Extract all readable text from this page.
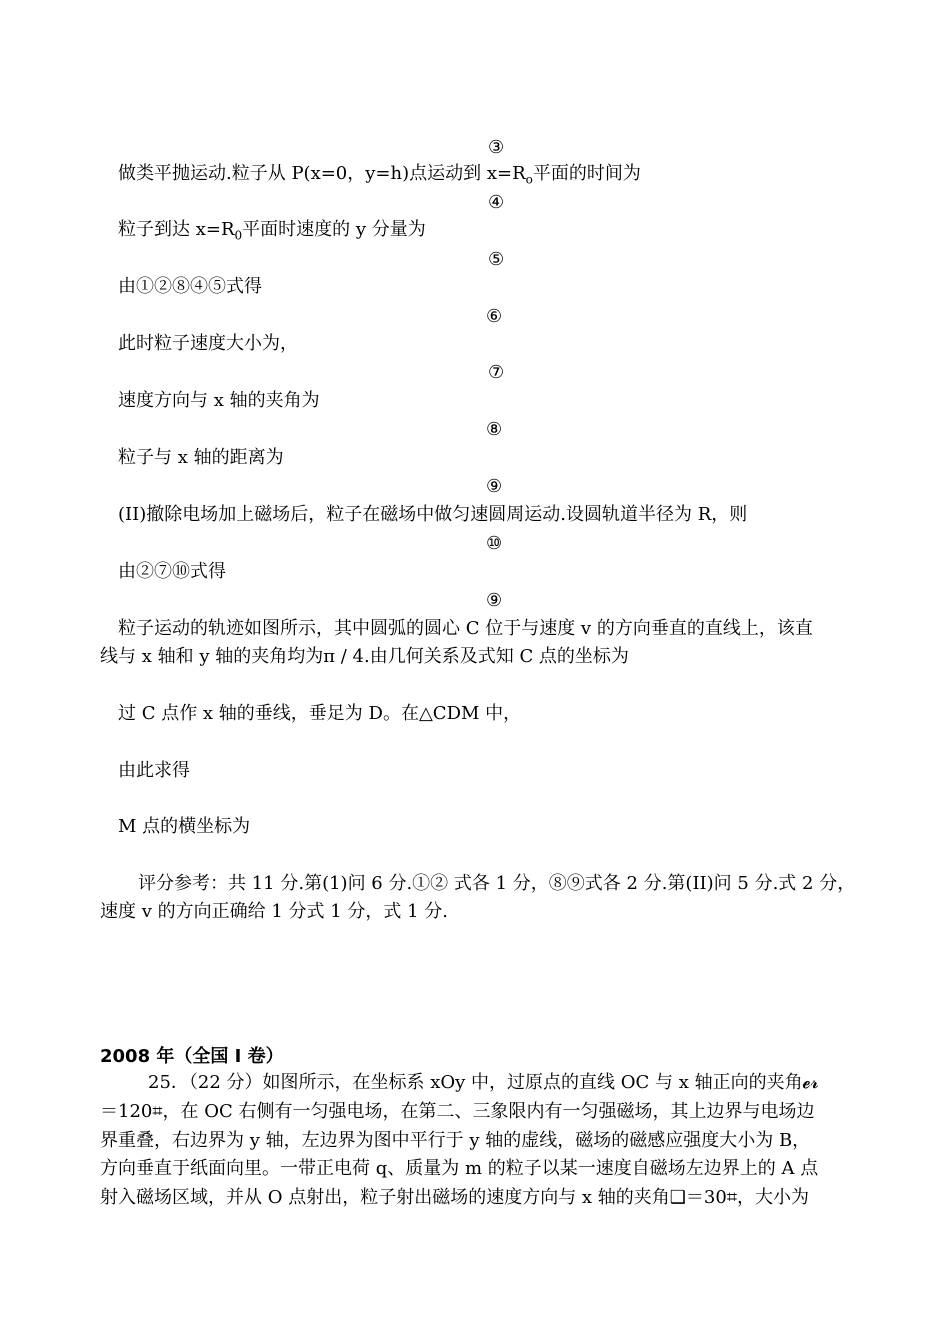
③
做类平抛运动.粒子从 P(x=0，y=h)点运动到 $x=R_o$平面的时间为
④
粒子到达 $x=R_0$平面时速度的 y 分量为
⑤
由①②⑧④⑤式得
⑥
此时粒子速度大小为，
⑦
速度方向与 x 轴的夹角为
⑧
粒子与 x 轴的距离为
⑨
(II)撤除电场加上磁场后，粒子在磁场中做匀速圆周运动.设圆轨道半径为 R，则
⑩
由②⑦⑩式得
⑨
粒子运动的轨迹如图所示，其中圆弧的圆心 C 位于与速度 v 的方向垂直的直线上，该直
线与 x 轴和 y 轴的夹角均为π / 4.由几何关系及式知 C 点的坐标为
过 C 点作 x 轴的垂线，垂足为 D。在△CDM 中，
由此求得
M 点的横坐标为
评分参考：共 11 分.第(1)问 6 分.①② 式各 1 分，⑧⑨式各 2 分.第(II)问 5 分.式 2 分，
速度 v 的方向正确给 1 分式 1 分，式 1 分.
2008 年（全国 I 卷）
25．（22 分）如图所示，在坐标系 xOy 中，过原点的直线 OC 与 x 轴正向的夹角𝓮𝓻
＝120⌗，在 OC 右侧有一匀强电场，在第二、三象限内有一匀强磁场，其上边界与电场边
界重叠，右边界为 y 轴，左边界为图中平行于 y 轴的虚线，磁场的磁感应强度大小为 B，
方向垂直于纸面向里。一带正电荷 q、质量为 m 的粒子以某一速度自磁场左边界上的 A 点
射入磁场区域，并从 O 点射出，粒子射出磁场的速度方向与 x 轴的夹角❑＝30⌗，大小为
